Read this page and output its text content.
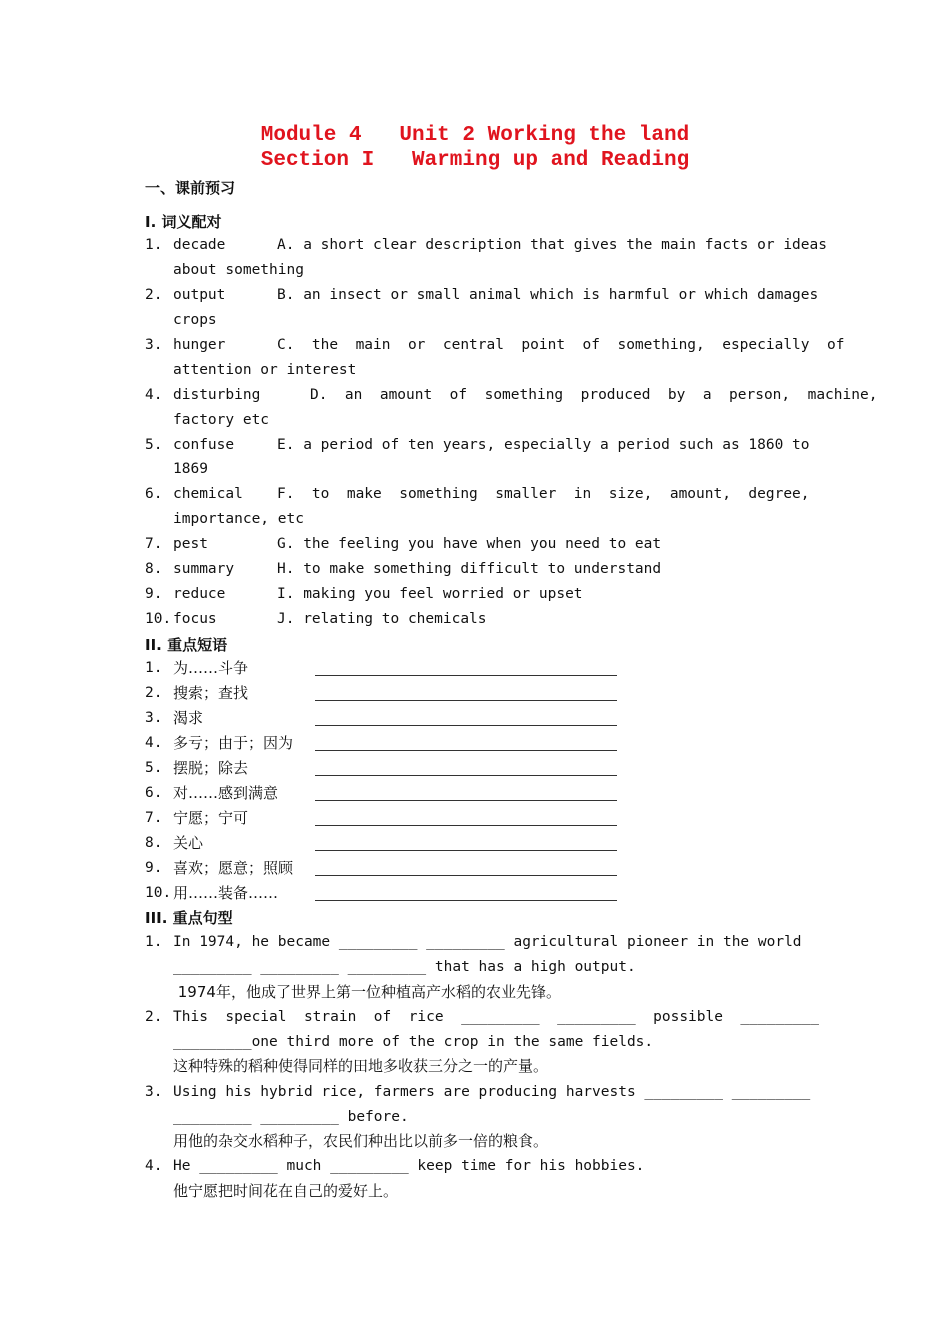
Module 4   Unit 2 Working the land
Section I   Warming up and Reading
一、课前预习
I. 词义配对
1. decade	A. a short clear description that gives the main facts or ideas
about something
2. output	B. an insect or small animal which is harmful or which damages
crops
3. hunger	C.  the  main  or  central  point  of  something,  especially  of
attention or interest
4. disturbing	D.  an  amount  of  something  produced  by  a  person,  machine,
factory etc
5. confuse	E. a period of ten years, especially a period such as 1860 to
1869
6. chemical F.  to  make  something  smaller  in  size,  amount,  degree,
importance, etc
7. pest	G. the feeling you have when you need to eat
8. summary	H. to make something difficult to understand
9. reduce	I. making you feel worried or upset
10. focus	J. relating to chemicals
II. 重点短语
1. 为……斗争
2. 搜索；查找
3. 渴求
4. 多亏；由于；因为
5. 摆脱；除去
6. 对……感到满意
7. 宁愿；宁可
8. 关心
9. 喜欢；愿意；照顾
10. 用……装备……
III. 重点句型
1. In 1974, he became _________ _________ agricultural pioneer in the world
_________ _________ _________ that has a high output.
1974年，他成了世界上第一位种植高产水稻的农业先锋。
2. This  special  strain  of  rice  _________  _________  possible  _________
_________one third more of the crop in the same fields.
这种特殊的稻种使得同样的田地多收获三分之一的产量。
3. Using his hybrid rice, farmers are producing harvests _________ _________
_________ _________ before.
用他的杂交水稻种子，农民们种出比以前多一倍的粮食。
4. He _________ much _________ keep time for his hobbies.
他宁愿把时间花在自己的爱好上。
